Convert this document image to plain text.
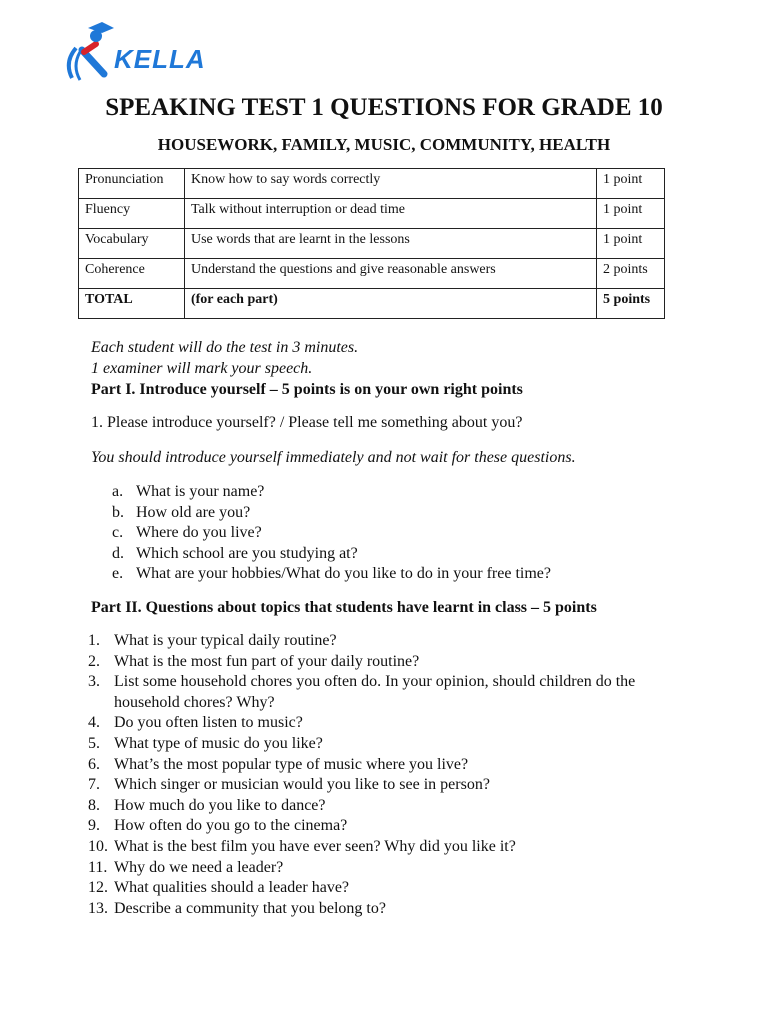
KELLA
SPEAKING TEST 1 QUESTIONS FOR GRADE 10
HOUSEWORK, FAMILY, MUSIC, COMMUNITY, HEALTH
Pronunciation	Know how to say words correctly	1 point
Fluency	Talk without interruption or dead time	1 point
Vocabulary	Use words that are learnt in the lessons	1 point
Coherence	Understand the questions and give reasonable answers	2 points
TOTAL	(for each part)	5 points

Each student will do the test in 3 minutes.

1 examiner will mark your speech.

Part I. Introduce yourself – 5 points is on your own right points

1. Please introduce yourself? / Please tell me something about you?

You should introduce yourself immediately and not wait for these questions.

a. What is your name?
b. How old are you?
c. Where do you live?
d. Which school are you studying at?
e. What are your hobbies/What do you like to do in your free time?

Part II. Questions about topics that students have learnt in class – 5 points

1. What is your typical daily routine?
2. What is the most fun part of your daily routine?
3. List some household chores you often do. In your opinion, should children do the household chores? Why?
4. Do you often listen to music?
5. What type of music do you like?
6. What’s the most popular type of music where you live?
7. Which singer or musician would you like to see in person?
8. How much do you like to dance?
9. How often do you go to the cinema?
10. What is the best film you have ever seen? Why did you like it?
11. Why do we need a leader?
12. What qualities should a leader have?
13. Describe a community that you belong to?
